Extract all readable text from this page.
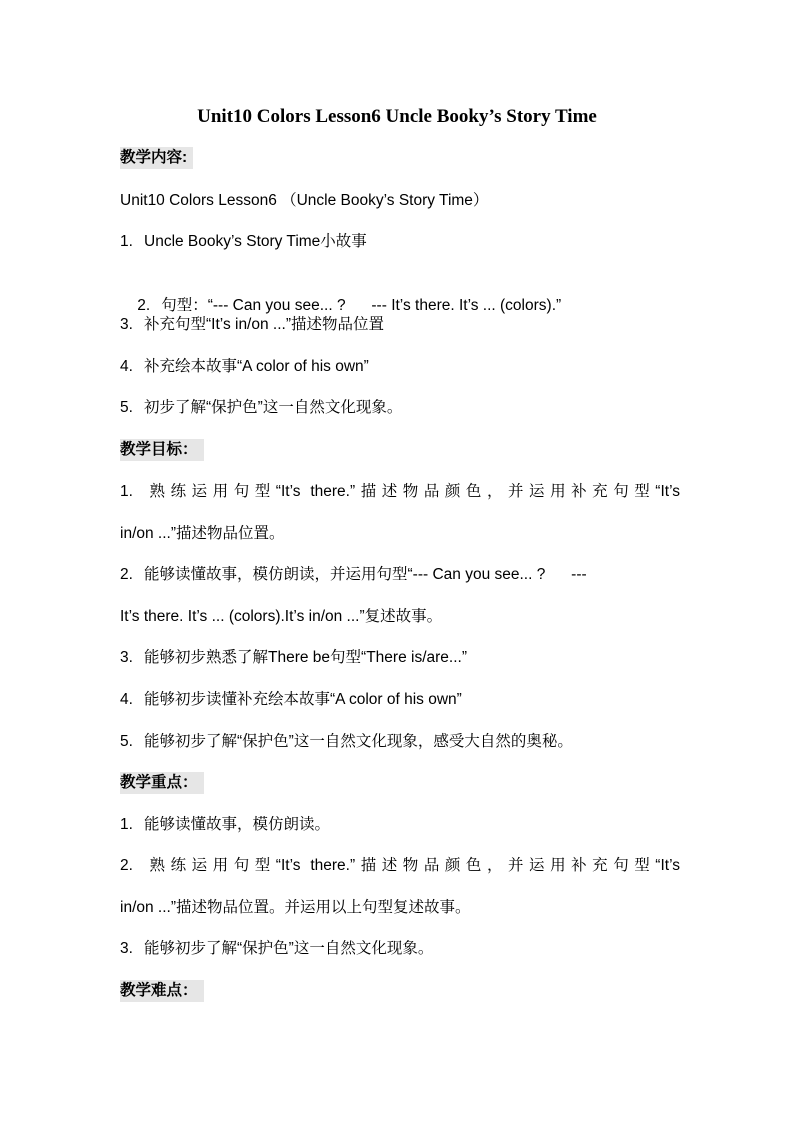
Unit10 Colors Lesson6 Uncle Booky’s Story Time
教学内容:
Unit10 Colors Lesson6 （Uncle Booky’s Story Time）
1. Uncle Booky’s Story Time小故事

2. 句型：“--- Can you see... ?      --- It’s there. It’s ... (colors).”

3. 补充句型“It’s in/on ...”描述物品位置
4. 补充绘本故事“A color of his own”
5. 初步了解“保护色”这一自然文化现象。
教学目标：
1. 熟练运用句型“It’s there.”描述物品颜色，并运用补充句型“It’s
in/on ...”描述物品位置。
2. 能够读懂故事，模仿朗读，并运用句型“--- Can you see... ?      ---
It’s there. It’s ... (colors).It’s in/on ...”复述故事。
3. 能够初步熟悉了解There be句型“There is/are...”
4. 能够初步读懂补充绘本故事“A color of his own”
5. 能够初步了解“保护色”这一自然文化现象，感受大自然的奥秘。
教学重点：
1. 能够读懂故事，模仿朗读。
2. 熟练运用句型“It’s there.”描述物品颜色，并运用补充句型“It’s
in/on ...”描述物品位置。并运用以上句型复述故事。
3. 能够初步了解“保护色”这一自然文化现象。
教学难点：
